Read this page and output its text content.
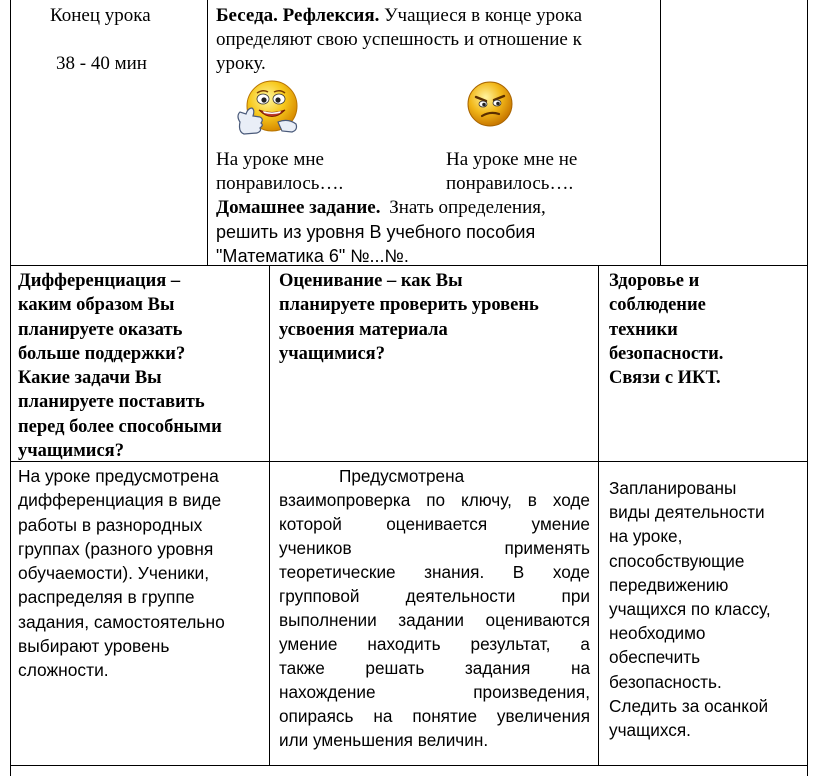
Конец урока
38 - 40 мин
Беседа. Рефлексия. Учащиеся в конце урока
определяют свою успешность и отношение к
уроку.
На уроке мне
понравилось….
На уроке мне не
понравилось….
Домашнее задание. Знать определения,
решить из уровня В учебного пособия
"Математика 6" №...№.
Дифференциация –
каким образом Вы
планируете оказать
больше поддержки?
Какие задачи Вы
планируете поставить
перед более способными
учащимися?
Оценивание – как Вы
планируете проверить уровень
усвоения материала
учащимися?
Здоровье и
соблюдение
техники
безопасности.
Связи с ИКТ.
На уроке предусмотрена
дифференциация в виде
работы в разнородных
группах (разного уровня
обучаемости). Ученики,
распределяя в группе
задания, самостоятельно
выбирают уровень
сложности.
Предусмотрена
взаимопроверка по ключу, в ходе
которой оценивается умение
учеников применять
теоретические знания. В ходе
групповой деятельности при
выполнении задании оцениваются
умение находить результат, а
также решать задания на
нахождение произведения,
опираясь на понятие увеличения
или уменьшения величин.
Запланированы
виды деятельности
на уроке,
способствующие
передвижению
учащихся по классу,
необходимо
обеспечить
безопасность.
Следить за осанкой
учащихся.
